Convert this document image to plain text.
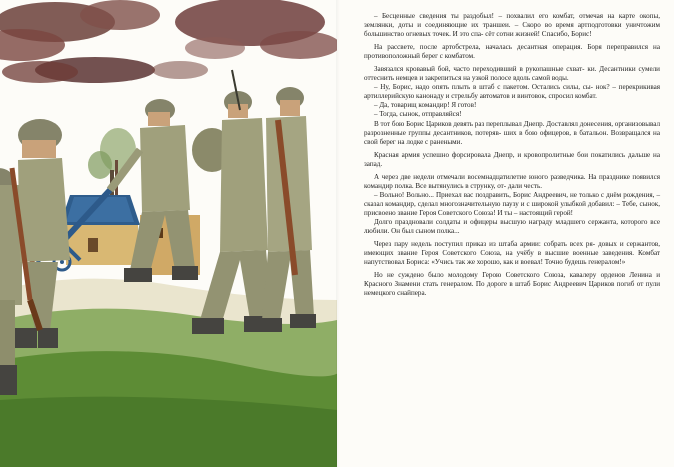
– Бесценные сведения ты раздобыл! – похвалил его комбат, отмечая на карте окопы, землянки, доты и соединяющие их траншеи. – Скоро во время артподготовки уничтожим большинство огневых точек. И это спа- сёт сотни жизней! Спасибо, Борис!

На рассвете, после артобстрела, началась десантная операция. Боря переправился на противоположный берег с комбатом.

Завязался кровавый бой, часто переходивший в рукопашные схват- ки. Десантники сумели оттеснить немцев и закрепиться на узкой полосе вдоль самой воды.

– Ну, Борис, надо опять плыть в штаб с пакетом. Остались силы, сы- нок? – перекрикивая артиллерийскую канонаду и стрельбу автоматов и винтовок, спросил комбат.

– Да, товарищ командир! Я готов!

– Тогда, сынок, отправляйся!

В тот бою Борис Цариков девять раз переплывал Днепр. Доставлял донесения, организовывал разрозненные группы десантников, потеряв- ших в бою офицеров, в батальон. Возвращался на свой берег на лодке с ранеными.

Красная армия успешно форсировала Днепр, и кровопролитные бои покатились дальше на запад.

А через две недели отмечали восемнадцатилетие юного разведчика. На празднике появился командир полка. Все вытянулись в струнку, от- дали честь.

– Вольно! Вольно... Приехал вас поздравить, Борис Андреевич, не только с днём рождения, – сказал командир, сделал многозначительную паузу и с широкой улыбкой добавил: – Тебе, сынок, присвоено звание Героя Советского Союза! И ты – настоящий герой!

Долго праздновали солдаты и офицеры высшую награду младшего сержанта, которого все любили. Он был сыном полка...

Через пару недель поступил приказ из штаба армии: собрать всех ря- довых и сержантов, имеющих звание Героя Советского Союза, на учёбу в высшие военные заведения. Комбат напутствовал Бориса: «Учись так же хорошо, как и воевал! Точно будешь генералом!»

Но не суждено было молодому Герою Советского Союза, кавалеру орденов Ленина и Красного Знамени стать генералом. По дороге в штаб Борис Андреевич Цариков погиб от пули немецкого снайпера.
